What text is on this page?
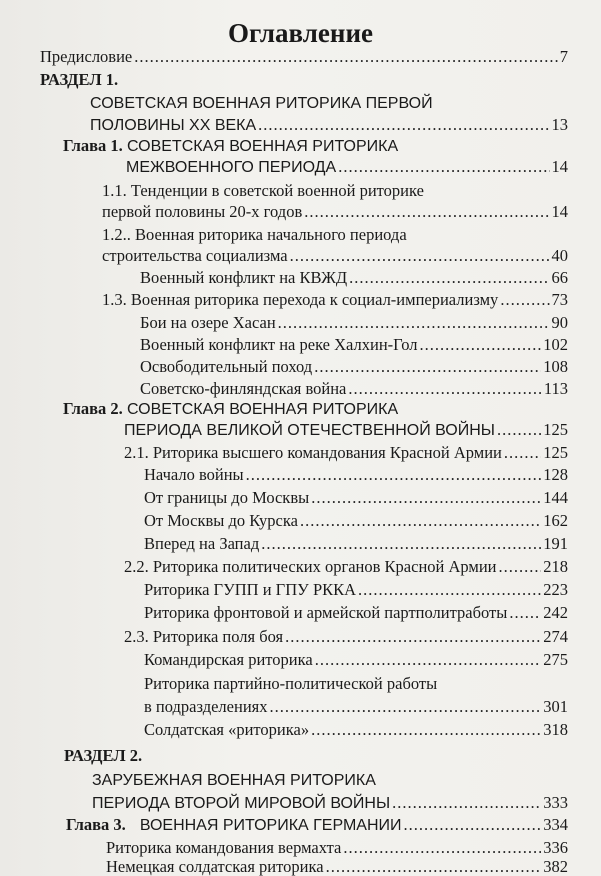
Оглавление
Предисловие .....	7
РАЗДЕЛ 1.
СОВЕТСКАЯ ВОЕННАЯ РИТОРИКА ПЕРВОЙ
ПОЛОВИНЫ XX ВЕКА .....	13
Глава 1. СОВЕТСКАЯ ВОЕННАЯ РИТОРИКА
МЕЖВОЕННОГО ПЕРИОДА .....	14
1.1. Тенденции в советской военной риторике
первой половины 20-х годов .....	14
1.2.. Военная риторика начального периода
строительства социализма .....	40
Военный конфликт на КВЖД .....	66
1.3. Военная риторика перехода к социал-империализму .....	73
Бои на озере Хасан .....	90
Военный конфликт на реке Халхин-Гол .....	102
Освободительный поход .....	108
Советско-финляндская война .....	113
Глава 2. СОВЕТСКАЯ ВОЕННАЯ РИТОРИКА
ПЕРИОДА ВЕЛИКОЙ ОТЕЧЕСТВЕННОЙ ВОЙНЫ .....	125
2.1. Риторика высшего командования Красной Армии .....	125
Начало войны .....	128
От границы до Москвы .....	144
От Москвы до Курска .....	162
Вперед на Запад .....	191
2.2. Риторика политических органов Красной Армии .....	218
Риторика ГУПП и ГПУ РККА .....	223
Риторика фронтовой и армейской партполитработы ..... 242
2.3. Риторика поля боя .....	274
Командирская риторика .....	275
Риторика партийно-политической работы
в подразделениях .....	301
Солдатская «риторика» .....	318
РАЗДЕЛ 2.
ЗАРУБЕЖНАЯ ВОЕННАЯ РИТОРИКА
ПЕРИОДА ВТОРОЙ МИРОВОЙ ВОЙНЫ .....	333
Глава 3. ВОЕННАЯ РИТОРИКА ГЕРМАНИИ .....	334
Риторика командования вермахта .....	336
Немецкая солдатская риторика .....	382
